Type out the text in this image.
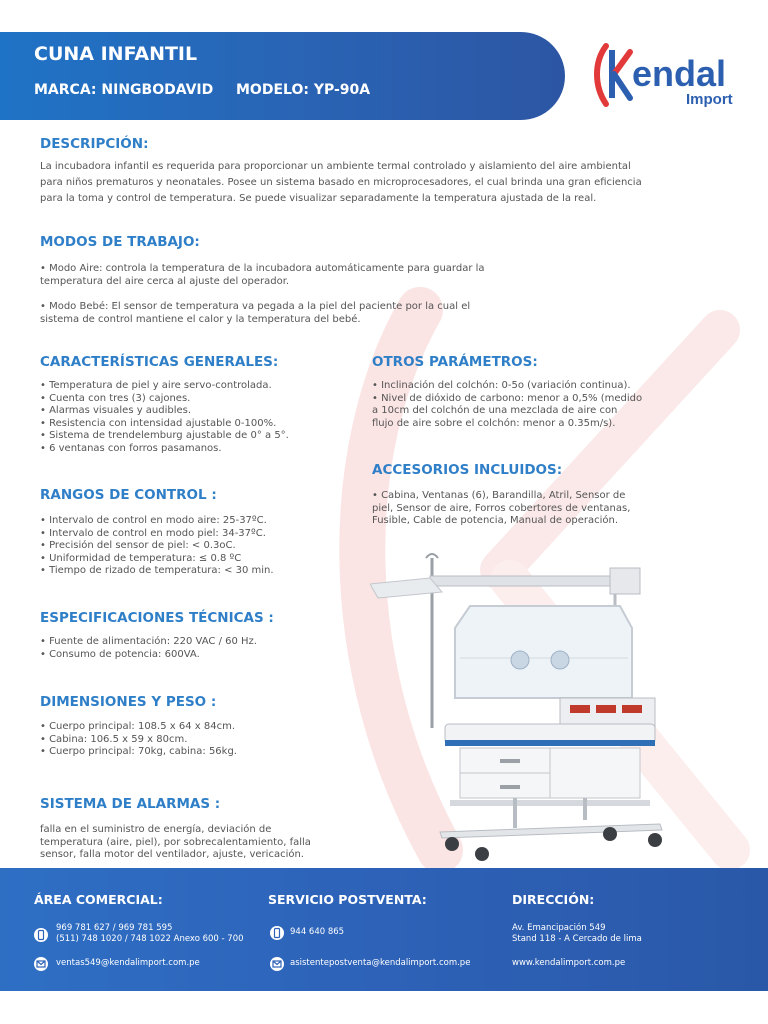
CUNA INFANTIL
MARCA: NINGBODAVID MODELO: YP-90A	endal
Import
DESCRIPCIÓN:
La incubadora infantil es requerida para proporcionar un ambiente termal controlado y aislamiento del aire ambiental
para niños prematuros y neonatales. Posee un sistema basado en microprocesadores, el cual brinda una gran eficiencia
para la toma y control de temperatura. Se puede visualizar separadamente la temperatura ajustada de la real.
MODOS DE TRABAJO:
• Modo Aire: controla la temperatura de la incubadora automáticamente para guardar la
temperatura del aire cerca al ajuste del operador.
• Modo Bebé: El sensor de temperatura va pegada a la piel del paciente por la cual el
sistema de control mantiene el calor y la temperatura del bebé.
CARACTERÍSTICAS GENERALES:
• Temperatura de piel y aire servo-controlada.
• Cuenta con tres (3) cajones.
• Alarmas visuales y audibles.
• Resistencia con intensidad ajustable 0-100%.
• Sistema de trendelemburg ajustable de 0° a 5°.
• 6 ventanas con forros pasamanos.
OTROS PARÁMETROS:
• Inclinación del colchón: 0-5o (variación continua).
• Nivel de dióxido de carbono: menor a 0,5% (medido
a 10cm del colchón de una mezclada de aire con
flujo de aire sobre el colchón: menor a 0.35m/s).
RANGOS DE CONTROL :
• Intervalo de control en modo aire: 25-37ºC.
• Intervalo de control en modo piel: 34-37ºC.
• Precisión del sensor de piel: < 0.3oC.
• Uniformidad de temperatura: ≤ 0.8 ºC
• Tiempo de rizado de temperatura: < 30 min.
ACCESORIOS INCLUIDOS:
• Cabina, Ventanas (6), Barandilla, Atril, Sensor de
piel, Sensor de aire, Forros cobertores de ventanas,
Fusible, Cable de potencia, Manual de operación.
ESPECIFICACIONES TÉCNICAS :
• Fuente de alimentación: 220 VAC / 60 Hz.
• Consumo de potencia: 600VA.
DIMENSIONES Y PESO :
• Cuerpo principal: 108.5 x 64 x 84cm.
• Cabina: 106.5 x 59 x 80cm.
• Cuerpo principal: 70kg, cabina: 56kg.
SISTEMA DE ALARMAS :
falla en el suministro de energía, deviación de
temperatura (aire, piel), por sobrecalentamiento, falla
sensor, falla motor del ventilador, ajuste, vericación.
ÁREA COMERCIAL:
969 781 627 / 969 781 595
(511) 748 1020 / 748 1022 Anexo 600 - 700
ventas549@kendalimport.com.pe
SERVICIO POSTVENTA:
944 640 865
asistentepostventa@kendalimport.com.pe
DIRECCIÓN:
Av. Emancipación 549
Stand 118 - A Cercado de lima
www.kendalimport.com.pe
